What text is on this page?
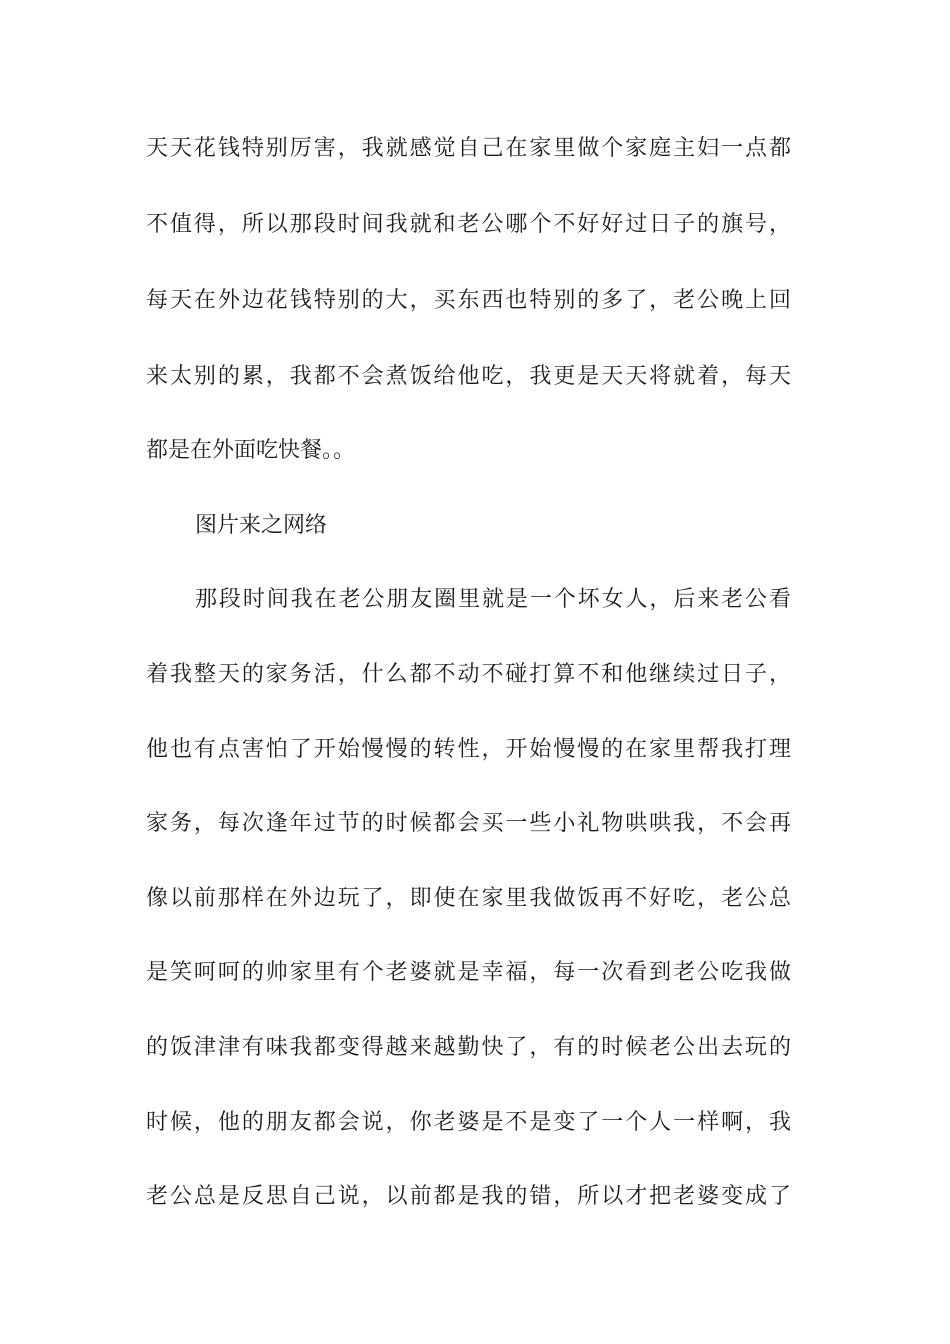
天天花钱特别厉害，我就感觉自己在家里做个家庭主妇一点都
不值得，所以那段时间我就和老公哪个不好好过日子的旗号，
每天在外边花钱特别的大，买东西也特别的多了，老公晚上回
来太别的累，我都不会煮饭给他吃，我更是天天将就着，每天
都是在外面吃快餐。。
图片来之网络
那段时间我在老公朋友圈里就是一个坏女人，后来老公看
着我整天的家务活，什么都不动不碰打算不和他继续过日子，
他也有点害怕了开始慢慢的转性，开始慢慢的在家里帮我打理
家务，每次逢年过节的时候都会买一些小礼物哄哄我，不会再
像以前那样在外边玩了，即使在家里我做饭再不好吃，老公总
是笑呵呵的帅家里有个老婆就是幸福，每一次看到老公吃我做
的饭津津有味我都变得越来越勤快了，有的时候老公出去玩的
时候，他的朋友都会说，你老婆是不是变了一个人一样啊，我
老公总是反思自己说，以前都是我的错，所以才把老婆变成了
